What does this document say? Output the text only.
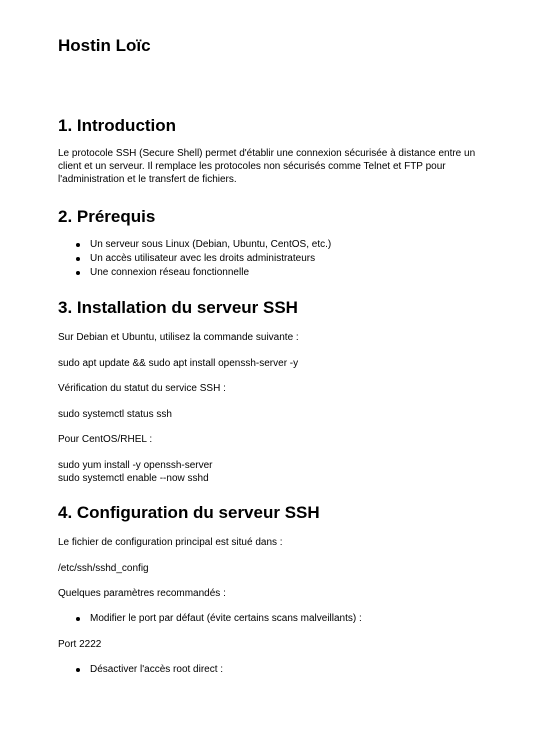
Hostin Loïc
1. Introduction

Le protocole SSH (Secure Shell) permet d'établir une connexion sécurisée à distance entre un client et un serveur. Il remplace les protocoles non sécurisés comme Telnet et FTP pour l'administration et le transfert de fichiers.

2. Prérequis
Un serveur sous Linux (Debian, Ubuntu, CentOS, etc.)
Un accès utilisateur avec les droits administrateurs
Une connexion réseau fonctionnelle
3. Installation du serveur SSH

Sur Debian et Ubuntu, utilisez la commande suivante :

sudo apt update && sudo apt install openssh-server -y

Vérification du statut du service SSH :

sudo systemctl status ssh

Pour CentOS/RHEL :

sudo yum install -y openssh-server

sudo systemctl enable --now sshd

4. Configuration du serveur SSH

Le fichier de configuration principal est situé dans :

/etc/ssh/sshd_config

Quelques paramètres recommandés :

Modifier le port par défaut (évite certains scans malveillants) :

Port 2222

Désactiver l'accès root direct :
